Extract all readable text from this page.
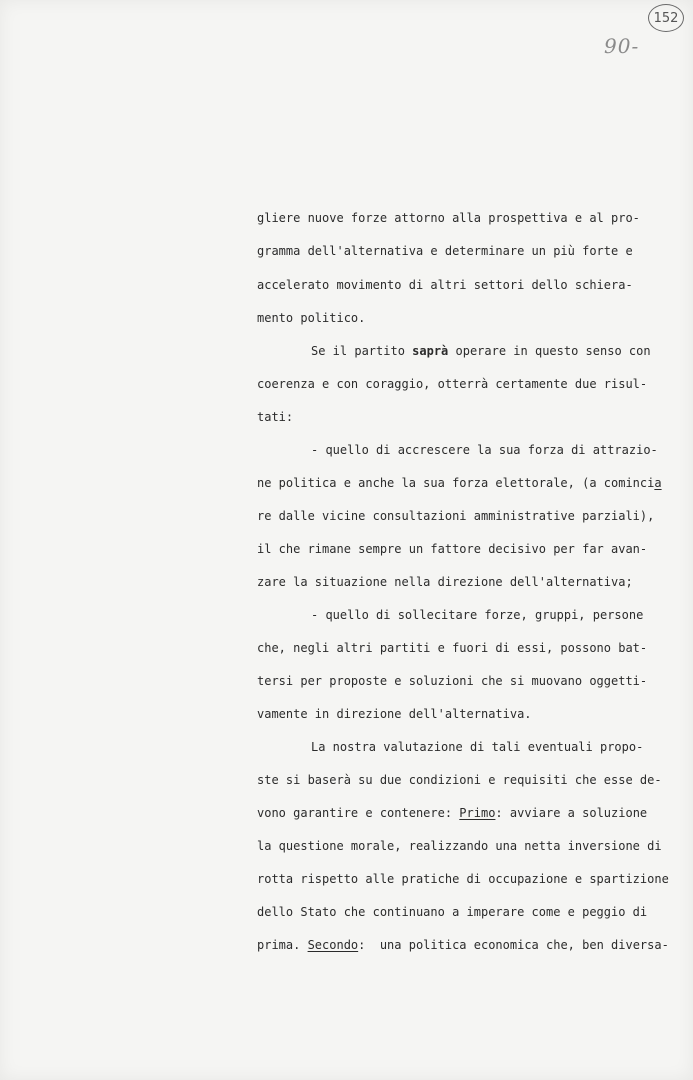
152
90-

gliere nuove forze attorno alla prospettiva e al pro-

gramma dell'alternativa e determinare un più forte e

accelerato movimento di altri settori dello schiera-

mento politico.

Se il partito saprà operare in questo senso con

coerenza e con coraggio, otterrà certamente due risul-

tati:

- quello di accrescere la sua forza di attrazio-

ne politica e anche la sua forza elettorale, (a comincia

re dalle vicine consultazioni amministrative parziali),

il che rimane sempre un fattore decisivo per far avan-

zare la situazione nella direzione dell'alternativa;

- quello di sollecitare forze, gruppi, persone

che, negli altri partiti e fuori di essi, possono bat-

tersi per proposte e soluzioni che si muovano oggetti-

vamente in direzione dell'alternativa.

La nostra valutazione di tali eventuali propo-

ste si baserà su due condizioni e requisiti che esse de-

vono garantire e contenere: Primo: avviare a soluzione

la questione morale, realizzando una netta inversione di

rotta rispetto alle pratiche di occupazione e spartizione

dello Stato che continuano a imperare come e peggio di

prima. Secondo:  una politica economica che, ben diversa-
